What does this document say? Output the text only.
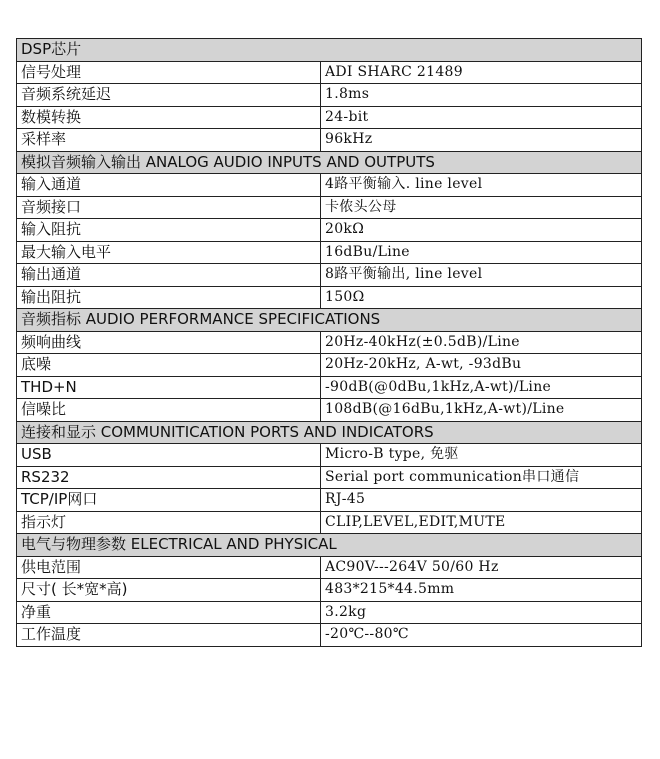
DSP芯片	
信号处理	ADI SHARC 21489
音频系统延迟	1.8ms
数模转换	24-bit
采样率	96kHz
模拟音频输入输出 ANALOG AUDIO INPUTS AND OUTPUTS	
输入通道	4路平衡输入. line level
音频接口	卡侬头公母
输入阻抗	20kΩ
最大输入电平	16dBu/Line
输出通道	8路平衡输出, line level
输出阻抗	150Ω
音频指标 AUDIO PERFORMANCE SPECIFICATIONS	
频响曲线	20Hz-40kHz(±0.5dB)/Line
底噪	20Hz-20kHz, A-wt, -93dBu
THD+N	-90dB(@0dBu,1kHz,A-wt)/Line
信噪比	108dB(@16dBu,1kHz,A-wt)/Line
连接和显示 COMMUNITICATION PORTS AND INDICATORS	
USB	Micro-B type, 免驱
RS232	Serial port communication串口通信
TCP/IP网口	RJ-45
指示灯	CLIP,LEVEL,EDIT,MUTE
电气与物理参数 ELECTRICAL AND PHYSICAL	
供电范围	AC90V---264V 50/60 Hz
尺寸( 长*宽*高)	483*215*44.5mm
净重	3.2kg
工作温度	-20℃--80℃
